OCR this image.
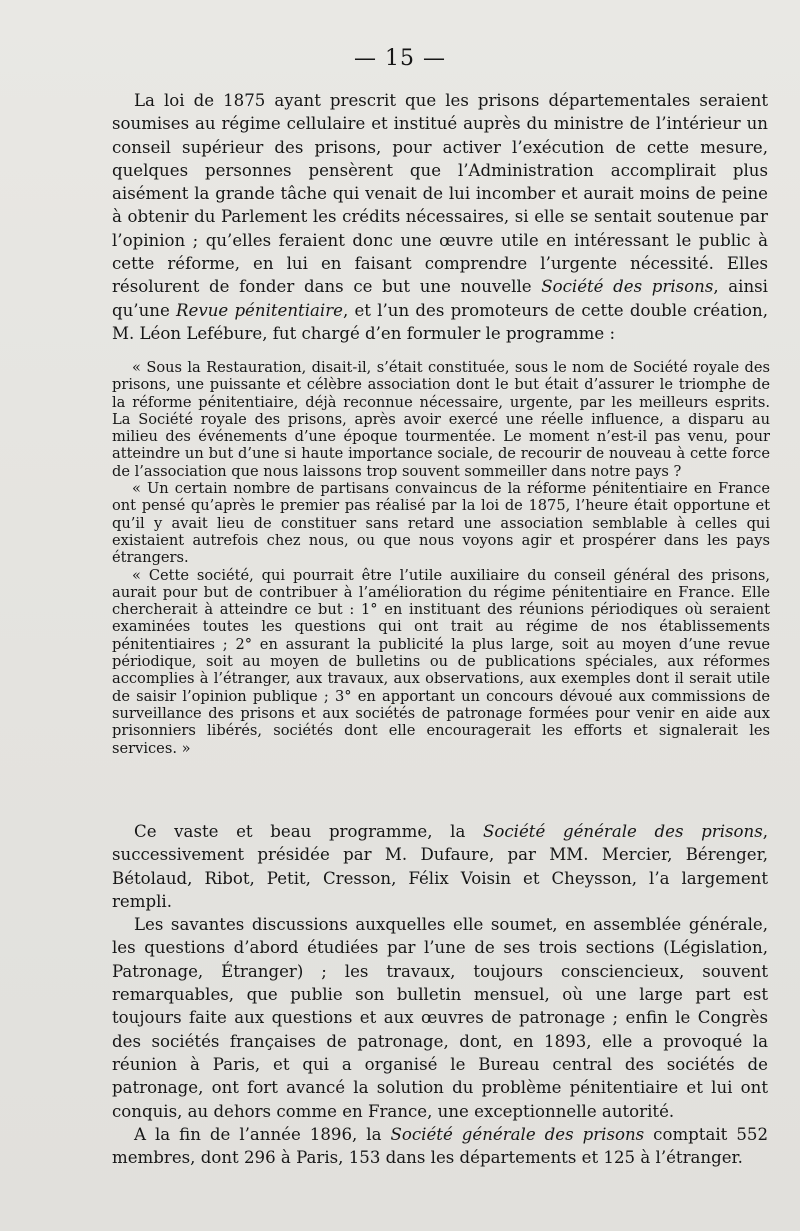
— 15 —

La loi de 1875 ayant prescrit que les prisons départementales seraient soumises au régime cellulaire et institué auprès du ministre de l’intérieur un conseil supérieur des prisons, pour activer l’exécution de cette mesure, quelques personnes pensèrent que l’Administration accomplirait plus aisément la grande tâche qui venait de lui incomber et aurait moins de peine à obtenir du Parlement les crédits nécessaires, si elle se sentait soutenue par l’opinion ; qu’elles feraient donc une œuvre utile en intéressant le public à cette réforme, en lui en faisant comprendre l’urgente nécessité. Elles résolurent de fonder dans ce but une nouvelle Société des prisons, ainsi qu’une Revue pénitentiaire, et l’un des promoteurs de cette double création, M. Léon Lefébure, fut chargé d’en formuler le programme :

« Sous la Restauration, disait-il, s’était constituée, sous le nom de Société royale des prisons, une puissante et célèbre association dont le but était d’assurer le triomphe de la réforme pénitentiaire, déjà reconnue nécessaire, urgente, par les meilleurs esprits. La Société royale des prisons, après avoir exercé une réelle influence, a disparu au milieu des événements d’une époque tourmentée. Le moment n’est-il pas venu, pour atteindre un but d’une si haute importance sociale, de recourir de nouveau à cette force de l’association que nous laissons trop souvent sommeiller dans notre pays ?

« Un certain nombre de partisans convaincus de la réforme pénitentiaire en France ont pensé qu’après le premier pas réalisé par la loi de 1875, l’heure était opportune et qu’il y avait lieu de constituer sans retard une association semblable à celles qui existaient autrefois chez nous, ou que nous voyons agir et prospérer dans les pays étrangers.

« Cette société, qui pourrait être l’utile auxiliaire du conseil général des prisons, aurait pour but de contribuer à l’amélioration du régime pénitentiaire en France. Elle chercherait à atteindre ce but : 1° en instituant des réunions périodiques où seraient examinées toutes les questions qui ont trait au régime de nos établissements pénitentiaires ; 2° en assurant la publicité la plus large, soit au moyen d’une revue périodique, soit au moyen de bulletins ou de publications spéciales, aux réformes accomplies à l’étranger, aux travaux, aux observations, aux exemples dont il serait utile de saisir l’opinion publique ; 3° en apportant un concours dévoué aux commissions de surveillance des prisons et aux sociétés de patronage formées pour venir en aide aux prisonniers libérés, sociétés dont elle encouragerait les efforts et signalerait les services. »

Ce vaste et beau programme, la Société générale des prisons, successivement présidée par M. Dufaure, par MM. Mercier, Bérenger, Bétolaud, Ribot, Petit, Cresson, Félix Voisin et Cheysson, l’a largement rempli.

Les savantes discussions auxquelles elle soumet, en assemblée générale, les questions d’abord étudiées par l’une de ses trois sections (Législation, Patronage, Étranger) ; les travaux, toujours consciencieux, souvent remarquables, que publie son bulletin mensuel, où une large part est toujours faite aux questions et aux œuvres de patronage ; enfin le Congrès des sociétés françaises de patronage, dont, en 1893, elle a provoqué la réunion à Paris, et qui a organisé le Bureau central des sociétés de patronage, ont fort avancé la solution du problème pénitentiaire et lui ont conquis, au dehors comme en France, une exceptionnelle autorité.

A la fin de l’année 1896, la Société générale des prisons comptait 552 membres, dont 296 à Paris, 153 dans les départements et 125 à l’étranger.
